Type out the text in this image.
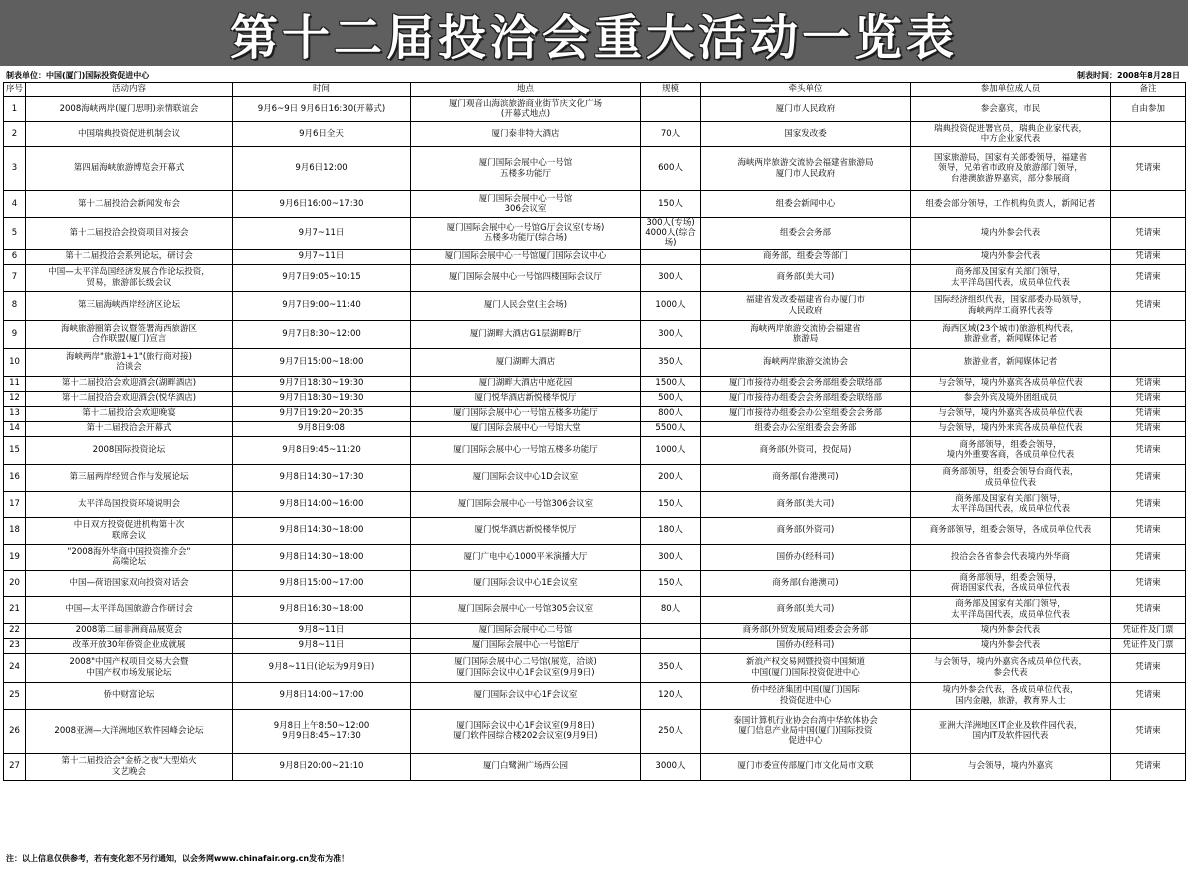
第十二届投洽会重大活动一览表
制表单位：中国(厦门)国际投资促进中心	制表时间：2008年8月28日
序号	活动内容	时间	地点	规模	牵头单位	参加单位成人员	备注
1	2008海峡两岸(厦门思明)亲情联谊会	9月6~9日 9月6日16:30(开幕式)	厦门观音山海滨旅游商业街节庆文化广场
(开幕式地点)		厦门市人民政府	参会嘉宾，市民	自由参加
2	中国瑞典投资促进机制会议	9月6日全天	厦门泰非特大酒店	70人	国家发改委	瑞典投资促进署官员，瑞典企业家代表，
中方企业家代表	
3	第四届海峡旅游博览会开幕式	9月6日12:00	厦门国际会展中心一号馆
五楼多功能厅	600人	海峡两岸旅游交流协会福建省旅游局
厦门市人民政府	国家旅游局，国家有关部委领导，福建省
领导，兄弟省市政府及旅游部门领导，
台港澳旅游界嘉宾，部分参展商	凭请柬
4	第十二届投洽会新闻发布会	9月6日16:00~17:30	厦门国际会展中心一号馆
306会议室	150人	组委会新闻中心	组委会部分领导，工作机构负责人，新闻记者	
5	第十二届投洽会投资项目对接会	9月7~11日	厦门国际会展中心一号馆G厅会议室(专场)
五楼多功能厅(综合场)	300人(专场)
4000人(综合场)	组委会会务部	境内外参会代表	凭请柬
6	第十二届投洽会系列论坛，研讨会	9月7~11日	厦门国际会展中心一号馆厦门国际会议中心		商务部，组委会等部门	境内外参会代表	凭请柬
7	中国—太平洋岛国经济发展合作论坛投资，
贸易，旅游部长级会议	9月7日9:05~10:15	厦门国际会展中心一号馆四楼国际会议厅	300人	商务部(美大司)	商务部及国家有关部门领导，
太平洋岛国代表，成员单位代表	凭请柬
8	第三届海峡西岸经济区论坛	9月7日9:00~11:40	厦门人民会堂(主会场)	1000人	福建省发改委福建省台办厦门市
人民政府	国际经济组织代表，国家部委办局领导，
海峡两岸工商界代表等	凭请柬
9	海峡旅游圈第会议暨签署海西旅游区
合作联盟(厦门)宣言	9月7日8:30~12:00	厦门湖畔大酒店G1层湖畔B厅	300人	海峡两岸旅游交流协会福建省
旅游局	海西区域(23个城市)旅游机构代表，
旅游业者，新闻媒体记者	
10	海峡两岸"旅游1+1"(旅行商对接)
洽谈会	9月7日15:00~18:00	厦门湖畔大酒店	350人	海峡两岸旅游交流协会	旅游业者，新闻媒体记者	
11	第十二届投洽会欢迎酒会(湖畔酒店)	9月7日18:30~19:30	厦门湖畔大酒店中庭花园	1500人	厦门市接待办组委会会务部组委会联络部	与会领导，境内外嘉宾各成员单位代表	凭请柬
12	第十二届投洽会欢迎酒会(悦华酒店)	9月7日18:30~19:30	厦门悦华酒店新悦楼华悦厅	500人	厦门市接待办组委会会务部组委会联络部	参会外宾及境外团组成员	凭请柬
13	第十二届投洽会欢迎晚宴	9月7日19:20~20:35	厦门国际会展中心一号馆五楼多功能厅	800人	厦门市接待办组委会办公室组委会会务部	与会领导，境内外嘉宾各成员单位代表	凭请柬
14	第十二届投洽会开幕式	9月8日9:08	厦门国际会展中心一号馆大堂	5500人	组委会办公室组委会会务部	与会领导，境内外来宾各成员单位代表	凭请柬
15	2008国际投资论坛	9月8日9:45~11:20	厦门国际会展中心一号馆五楼多功能厅	1000人	商务部(外资司，投促局)	商务部领导，组委会领导，
境内外重要客商，各成员单位代表	凭请柬
16	第三届两岸经贸合作与发展论坛	9月8日14:30~17:30	厦门国际会议中心1D会议室	200人	商务部(台港澳司)	商务部领导，组委会领导台商代表，
成员单位代表	凭请柬
17	太平洋岛国投资环境说明会	9月8日14:00~16:00	厦门国际会展中心一号馆306会议室	150人	商务部(美大司)	商务部及国家有关部门领导，
太平洋岛国代表，成员单位代表	凭请柬
18	中日双方投资促进机构第十次
联席会议	9月8日14:30~18:00	厦门悦华酒店新悦楼华悦厅	180人	商务部(外资司)	商务部领导，组委会领导，各成员单位代表	凭请柬
19	"2008海外华商中国投资推介会"
高端论坛	9月8日14:30~18:00	厦门广电中心1000平米演播大厅	300人	国侨办(经科司)	投洽会各省参会代表境内外华商	凭请柬
20	中国—荷语国家双向投资对话会	9月8日15:00~17:00	厦门国际会议中心1E会议室	150人	商务部(台港澳司)	商务部领导，组委会领导，
荷语国家代表，各成员单位代表	凭请柬
21	中国—太平洋岛国旅游合作研讨会	9月8日16:30~18:00	厦门国际会展中心一号馆305会议室	80人	商务部(美大司)	商务部及国家有关部门领导，
太平洋岛国代表，成员单位代表	凭请柬
22	2008第二届非洲商品展览会	9月8~11日	厦门国际会展中心二号馆		商务部(外贸发展局)组委会会务部	境内外参会代表	凭证件及门票
23	改革开放30年侨资企业成就展	9月8~11日	厦门国际会展中心一号馆E厅		国侨办(经科司)	境内外参会代表	凭证件及门票
24	2008"中国产权项目交易大会暨
中国产权市场发展论坛	9月8~11日(论坛为9月9日)	厦门国际会展中心二号馆(展览，洽谈)
厦门国际会议中心1F会议室(9月9日)	350人	新浪产权交易网暨投资中国频道
中国(厦门)国际投资促进中心	与会领导，境内外嘉宾各成员单位代表，
参会代表	凭请柬
25	侨中财富论坛	9月8日14:00~17:00	厦门国际会议中心1F会议室	120人	侨中经济集团中国(厦门)国际
投资促进中心	境内外参会代表，各成员单位代表，
国内金融，旅游，教育界人士	凭请柬
26	2008亚洲—大洋洲地区软件园峰会论坛	9月8日上午8:50~12:00
9月9日8:45~17:30	厦门国际会议中心1F会议室(9月8日)
厦门软件园综合楼202会议室(9月9日)	250人	泰国计算机行业协会台湾中华软体协会
厦门信息产业局中国(厦门)国际投资
促进中心	亚洲大洋洲地区IT企业及软件园代表，
国内IT及软件园代表	凭请柬
27	第十二届投洽会"金桥之夜"大型焰火
文艺晚会	9月8日20:00~21:10	厦门白鹭洲广场西公园	3000人	厦门市委宣传部厦门市文化局市文联	与会领导，境内外嘉宾	凭请柬
注：以上信息仅供参考，若有变化恕不另行通知，以会务网www.chinafair.org.cn发布为准！
